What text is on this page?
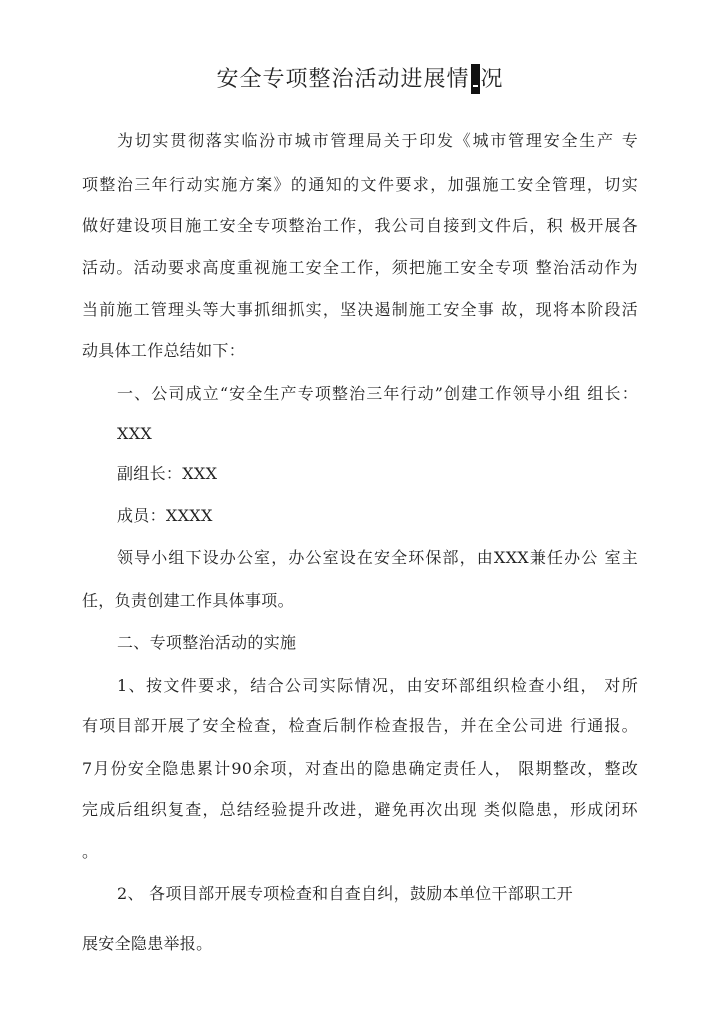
安全专项整治活动进展情 况
为切实贯彻落实临汾市城市管理局关于印发《城市管理安全生产 专
项整治三年行动实施方案》的通知的文件要求，加强施工安全管理，切实
做好建设项目施工安全专项整治工作，我公司自接到文件后，积 极开展各
活动。活动要求高度重视施工安全工作，须把施工安全专项 整治活动作为
当前施工管理头等大事抓细抓实，坚决遏制施工安全事 故，现将本阶段活
动具体工作总结如下：
一、公司成立“安全生产专项整治三年行动”创建工作领导小组 组长：
XXX
副组长：XXX
成员：XXXX
领导小组下设办公室，办公室设在安全环保部，由XXX兼任办公 室主
任，负责创建工作具体事项。
二、专项整治活动的实施
1、按文件要求，结合公司实际情况，由安环部组织检查小组， 对所
有项目部开展了安全检查，检查后制作检查报告，并在全公司进 行通报。
7月份安全隐患累计90余项，对查出的隐患确定责任人， 限期整改，整改
完成后组织复查，总结经验提升改进，避免再次出现 类似隐患，形成闭环
。
2、 各项目部开展专项检查和自查自纠，鼓励本单位干部职工开
展安全隐患举报。
